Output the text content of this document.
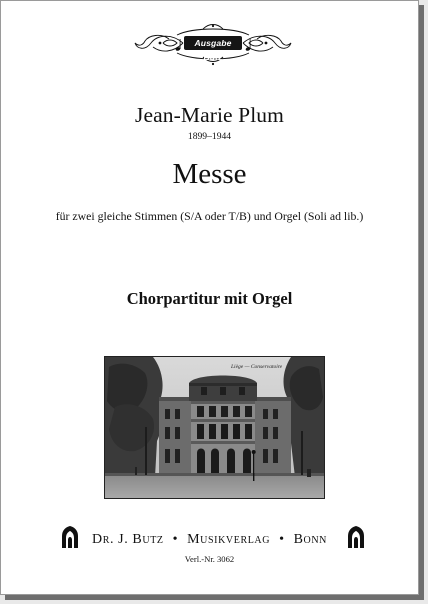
Ausgabe Butz
Jean-Marie Plum
1899–1944
Messe
für zwei gleiche Stimmen (S/A oder T/B) und Orgel (Soli ad lib.)
Chorpartitur mit Orgel
Liège — Conservatoire
Dr. J. Butz • Musikverlag • Bonn
Verl.-Nr. 3062
